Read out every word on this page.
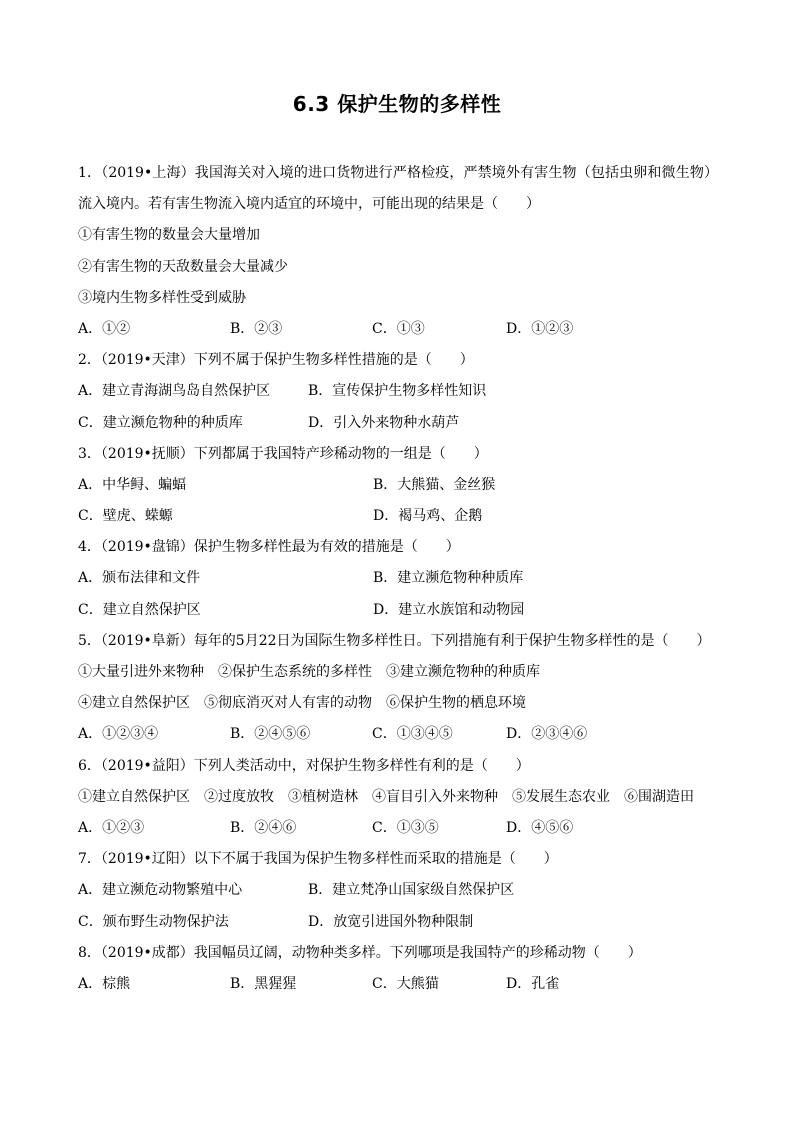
6.3 保护生物的多样性
1．（2019•上海）我国海关对入境的进口货物进行严格检疫，严禁境外有害生物（包括虫卵和微生物）流入境内。若有害生物流入境内适宜的环境中，可能出现的结果是（　　）
①有害生物的数量会大量增加
②有害生物的天敌数量会大量减少
③境内生物多样性受到威胁
A．①②	B．②③	C．①③	D．①②③
2．（2019•天津）下列不属于保护生物多样性措施的是（　　）
A．建立青海湖鸟岛自然保护区	B．宣传保护生物多样性知识
C．建立濒危物种的种质库	D．引入外来物种水葫芦
3．（2019•抚顺）下列都属于我国特产珍稀动物的一组是（　　）
A．中华鲟、蝙蝠	B．大熊猫、金丝猴
C．壁虎、蝾螈	D．褐马鸡、企鹅
4．（2019•盘锦）保护生物多样性最为有效的措施是（　　）
A．颁布法律和文件	B．建立濒危物种种质库
C．建立自然保护区	D．建立水族馆和动物园
5．（2019•阜新）每年的5月22日为国际生物多样性日。下列措施有利于保护生物多样性的是（　　）
①大量引进外来物种　②保护生态系统的多样性　③建立濒危物种的种质库
④建立自然保护区　⑤彻底消灭对人有害的动物　⑥保护生物的栖息环境
A．①②③④	B．②④⑤⑥	C．①③④⑤	D．②③④⑥
6．（2019•益阳）下列人类活动中，对保护生物多样性有利的是（　　）
①建立自然保护区　②过度放牧　③植树造林　④盲目引入外来物种　⑤发展生态农业　⑥围湖造田
A．①②③	B．②④⑥	C．①③⑤	D．④⑤⑥
7．（2019•辽阳）以下不属于我国为保护生物多样性而采取的措施是（　　）
A．建立濒危动物繁殖中心	B．建立梵净山国家级自然保护区
C．颁布野生动物保护法	D．放宽引进国外物种限制
8．（2019•成都）我国幅员辽阔，动物种类多样。下列哪项是我国特产的珍稀动物（　　）
A．棕熊	B．黑猩猩	C．大熊猫	D．孔雀
